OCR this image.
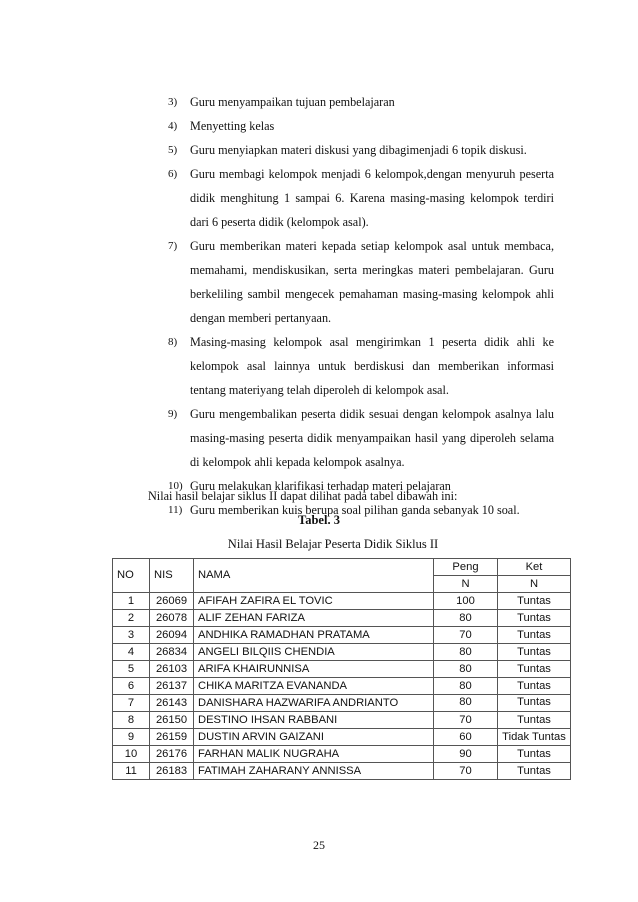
3) Guru menyampaikan tujuan pembelajaran
4) Menyetting kelas
5) Guru menyiapkan materi diskusi yang dibagimenjadi 6 topik diskusi.
6) Guru membagi kelompok menjadi 6 kelompok,dengan menyuruh peserta didik menghitung 1 sampai 6. Karena masing-masing kelompok terdiri dari 6 peserta didik (kelompok asal).
7) Guru memberikan materi kepada setiap kelompok asal untuk membaca, memahami, mendiskusikan, serta meringkas materi pembelajaran. Guru berkeliling sambil mengecek pemahaman masing-masing kelompok ahli dengan memberi pertanyaan.
8) Masing-masing kelompok asal mengirimkan 1 peserta didik ahli ke kelompok asal lainnya untuk berdiskusi dan memberikan informasi tentang materiyang telah diperoleh di kelompok asal.
9) Guru mengembalikan peserta didik sesuai dengan kelompok asalnya lalu masing-masing peserta didik menyampaikan hasil yang diperoleh selama di kelompok ahli kepada kelompok asalnya.
10) Guru melakukan klarifikasi terhadap materi pelajaran
11) Guru memberikan kuis berupa soal pilihan ganda sebanyak 10 soal.
Nilai hasil belajar siklus II dapat dilihat pada tabel dibawah ini:
Tabel. 3
Nilai Hasil Belajar Peserta Didik Siklus II
NO	NIS	NAMA	Peng	Ket
			N	N
1	26069	AFIFAH ZAFIRA EL TOVIC	100	Tuntas
2	26078	ALIF ZEHAN FARIZA	80	Tuntas
3	26094	ANDHIKA RAMADHAN PRATAMA	70	Tuntas
4	26834	ANGELI BILQIIS CHENDIA	80	Tuntas
5	26103	ARIFA KHAIRUNNISA	80	Tuntas
6	26137	CHIKA MARITZA EVANANDA	80	Tuntas
7	26143	DANISHARA HAZWARIFA ANDRIANTO	80	Tuntas
8	26150	DESTINO IHSAN RABBANI	70	Tuntas
9	26159	DUSTIN ARVIN GAIZANI	60	Tidak Tuntas
10	26176	FARHAN MALIK NUGRAHA	90	Tuntas
11	26183	FATIMAH ZAHARANY ANNISSA	70	Tuntas
25
